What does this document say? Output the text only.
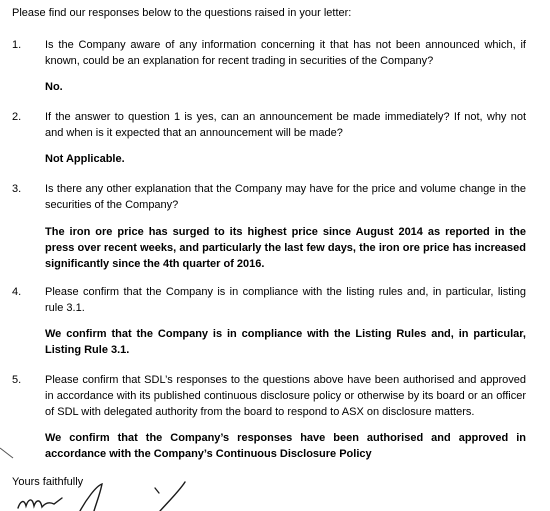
Please find our responses below to the questions raised in your letter:
1. Is the Company aware of any information concerning it that has not been announced which, if known, could be an explanation for recent trading in securities of the Company?
No.
2. If the answer to question 1 is yes, can an announcement be made immediately? If not, why not and when is it expected that an announcement will be made?
Not Applicable.
3. Is there any other explanation that the Company may have for the price and volume change in the securities of the Company?
The iron ore price has surged to its highest price since August 2014 as reported in the press over recent weeks, and particularly the last few days, the iron ore price has increased significantly since the 4th quarter of 2016.
4. Please confirm that the Company is in compliance with the listing rules and, in particular, listing rule 3.1.
We confirm that the Company is in compliance with the Listing Rules and, in particular, Listing Rule 3.1.
5. Please confirm that SDL’s responses to the questions above have been authorised and approved in accordance with its published continuous disclosure policy or otherwise by its board or an officer of SDL with delegated authority from the board to respond to ASX on disclosure matters.
We confirm that the Company’s responses have been authorised and approved in accordance with the Company’s Continuous Disclosure Policy
Yours faithfully
